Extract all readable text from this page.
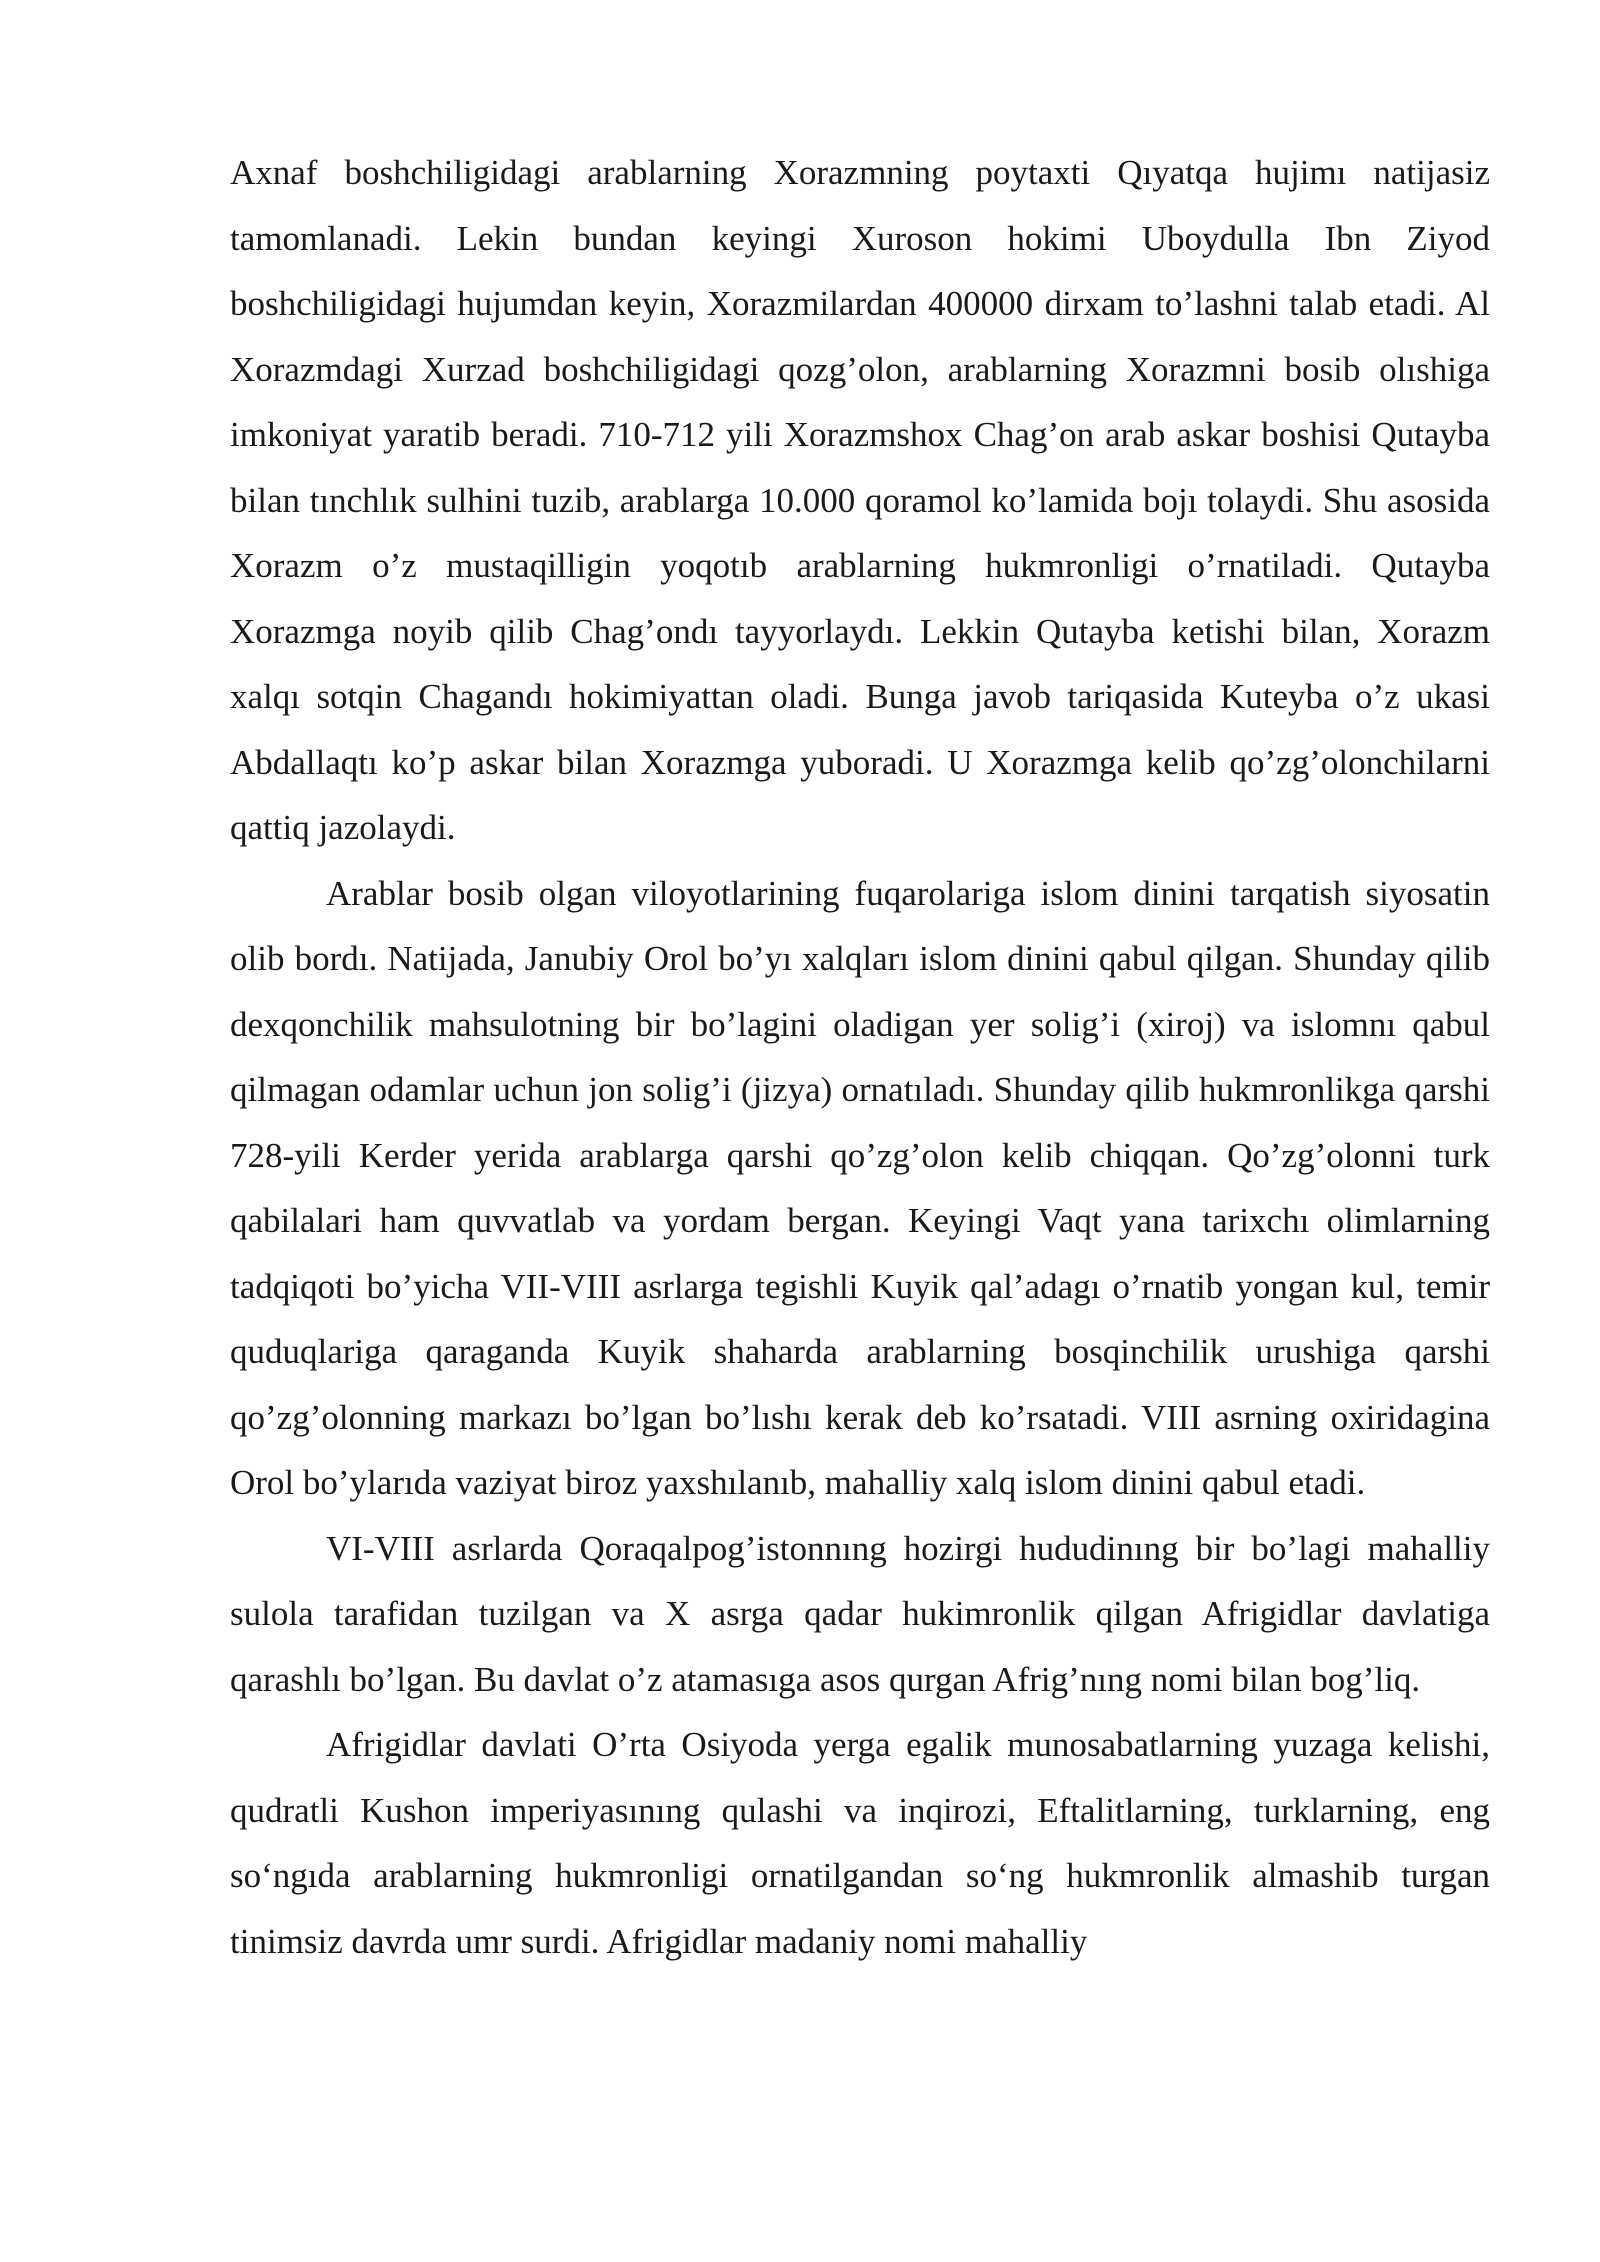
Axnaf boshchiligidagi arablarning Xorazmning poytaxti Qıyatqa hujimı natijasiz tamomlanadi. Lekin bundan keyingi Xuroson hokimi Uboydulla Ibn Ziyod boshchiligidagi hujumdan keyin, Xorazmilardan 400000 dirxam to’lashni talab etadi. Al Xorazmdagi Xurzad boshchiligidagi qozg’olon, arablarning Xorazmni bosib olıshiga imkoniyat yaratib beradi. 710-712 yili Xorazmshox Chag’on arab askar boshisi Qutayba bilan tınchlık sulhini tuzib, arablarga 10.000 qoramol ko’lamida bojı tolaydi. Shu asosida Xorazm o’z mustaqilligin yoqotıb arablarning hukmronligi o’rnatiladi. Qutayba Xorazmga noyib qilib Chag’ondı tayyorlaydı. Lekkin Qutayba ketishi bilan, Xorazm xalqı sotqin Chagandı hokimiyattan oladi. Bunga javob tariqasida Kuteyba o’z ukasi Abdallaqtı ko’p askar bilan Xorazmga yuboradi. U Xorazmga kelib qo’zg’olonchilarni qattiq jazolaydi.

Arablar bosib olgan viloyotlarining fuqarolariga islom dinini tarqatish siyosatin olib bordı. Natijada, Janubiy Orol bo’yı xalqları islom dinini qabul qilgan. Shunday qilib dexqonchilik mahsulotning bir bo’lagini oladigan yer solig’i (xiroj) va islomnı qabul qilmagan odamlar uchun jon solig’i (jizya) ornatıladı. Shunday qilib hukmronlikga qarshi 728-yili Kerder yerida arablarga qarshi qo’zg’olon kelib chiqqan. Qo’zg’olonni turk qabilalari ham quvvatlab va yordam bergan. Keyingi Vaqt yana tarixchı olimlarning tadqiqoti bo’yicha VII-VIII asrlarga tegishli Kuyik qal’adagı o’rnatib yongan kul, temir quduqlariga qaraganda Kuyik shaharda arablarning bosqinchilik urushiga qarshi qo’zg’olonning markazı bo’lgan bo’lıshı kerak deb ko’rsatadi. VIII asrning oxiridagina Orol bo’ylarıda vaziyat biroz yaxshılanıb, mahalliy xalq islom dinini qabul etadi.

VI-VIII asrlarda Qoraqalpog’istonnıng hozirgi hududinıng bir bo’lagi mahalliy sulola tarafidan tuzilgan va X asrga qadar hukimronlik qilgan Afrigidlar davlatiga qarashlı bo’lgan. Bu davlat o’z atamasıga asos qurgan Afrig’nıng nomi bilan bog’liq.

Afrigidlar davlati O’rta Osiyoda yerga egalik munosabatlarning yuzaga kelishi, qudratli Kushon imperiyasınıng qulashi va inqirozi, Eftalitlarning, turklarning, eng so‘ngıda arablarning hukmronligi ornatilgandan so‘ng hukmronlik almashib turgan tinimsiz davrda umr surdi. Afrigidlar madaniy nomi mahalliy
